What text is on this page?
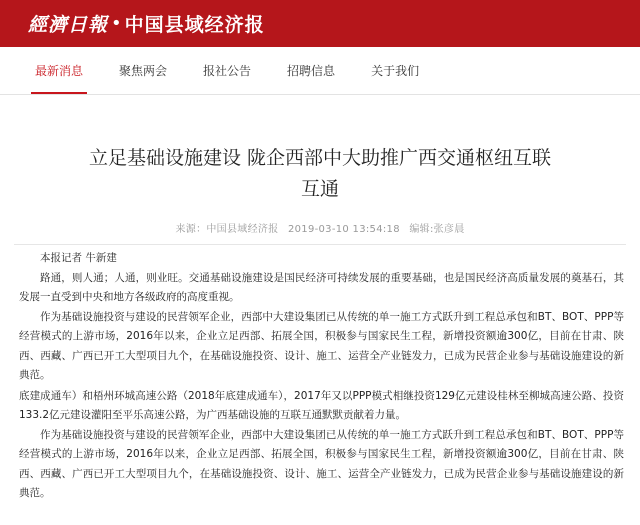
經濟日報 • 中国县域经济报
最新消息	聚焦两会	报社公告	招聘信息	关于我们
立足基础设施建设 陇企西部中大助推广西交通枢纽互联互通
来源：中国县域经济报 2019-03-10 13:54:18 编辑:张彦晨

本报记者 牛新建

路通，则人通；人通，则业旺。交通基础设施建设是国民经济可持续发展的重要基础，也是国民经济高质量发展的奠基石，其发展一直受到中央和地方各级政府的高度重视。

作为基础设施投资与建设的民营领军企业，西部中大建设集团已从传统的单一施工方式跃升到工程总承包和BT、BOT、PPP等经营模式的上游市场，2016年以来，企业立足西部、拓展全国，积极参与国家民生工程，新增投资额逾300亿，目前在甘肃、陕西、西藏、广西已开工大型项目九个，在基础设施投资、设计、施工、运营全产业链发力，已成为民营企业参与基础设施建设的新典范。

底建成通车）和梧州环城高速公路（2018年底建成通车），2017年又以PPP模式相继投资129亿元建设桂林至柳城高速公路、投资133.2亿元建设灌阳至平乐高速公路，为广西基础设施的互联互通默默贡献着力量。

作为基础设施投资与建设的民营领军企业，西部中大建设集团已从传统的单一施工方式跃升到工程总承包和BT、BOT、PPP等经营模式的上游市场，2016年以来，企业立足西部、拓展全国，积极参与国家民生工程，新增投资额逾300亿，目前在甘肃、陕西、西藏、广西已开工大型项目九个，在基础设施投资、设计、施工、运营全产业链发力，已成为民营企业参与基础设施建设的新典范。
